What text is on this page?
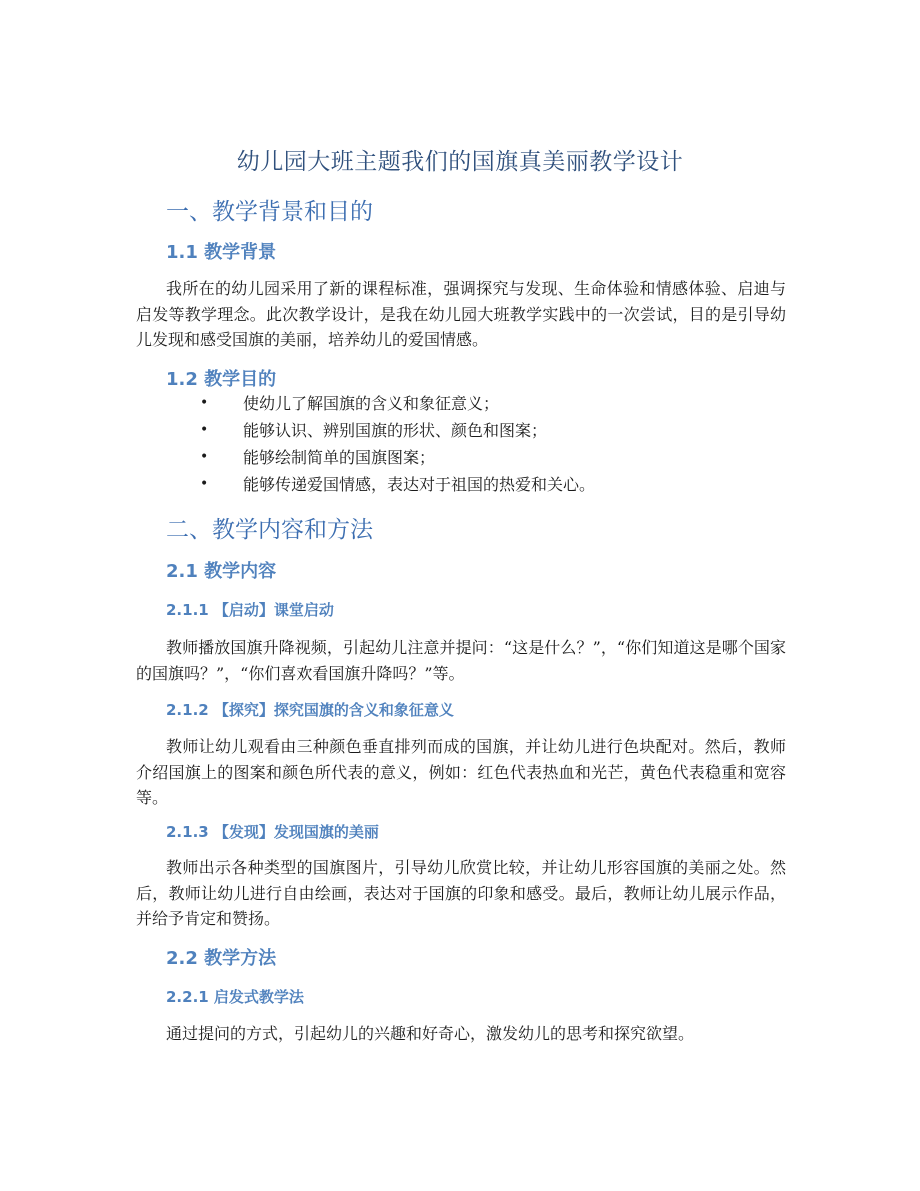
幼儿园大班主题我们的国旗真美丽教学设计
一、教学背景和目的
1.1 教学背景
我所在的幼儿园采用了新的课程标准，强调探究与发现、生命体验和情感体验、启迪与启发等教学理念。此次教学设计，是我在幼儿园大班教学实践中的一次尝试，目的是引导幼儿发现和感受国旗的美丽，培养幼儿的爱国情感。
1.2 教学目的
• 使幼儿了解国旗的含义和象征意义；
• 能够认识、辨别国旗的形状、颜色和图案；
• 能够绘制简单的国旗图案；
• 能够传递爱国情感，表达对于祖国的热爱和关心。
二、教学内容和方法
2.1 教学内容
2.1.1 【启动】课堂启动
教师播放国旗升降视频，引起幼儿注意并提问：“这是什么？”，“你们知道这是哪个国家的国旗吗？”，“你们喜欢看国旗升降吗？”等。
2.1.2 【探究】探究国旗的含义和象征意义
教师让幼儿观看由三种颜色垂直排列而成的国旗，并让幼儿进行色块配对。然后，教师介绍国旗上的图案和颜色所代表的意义，例如：红色代表热血和光芒，黄色代表稳重和宽容等。
2.1.3 【发现】发现国旗的美丽
教师出示各种类型的国旗图片，引导幼儿欣赏比较，并让幼儿形容国旗的美丽之处。然后，教师让幼儿进行自由绘画，表达对于国旗的印象和感受。最后，教师让幼儿展示作品，并给予肯定和赞扬。
2.2 教学方法
2.2.1 启发式教学法
通过提问的方式，引起幼儿的兴趣和好奇心，激发幼儿的思考和探究欲望。
